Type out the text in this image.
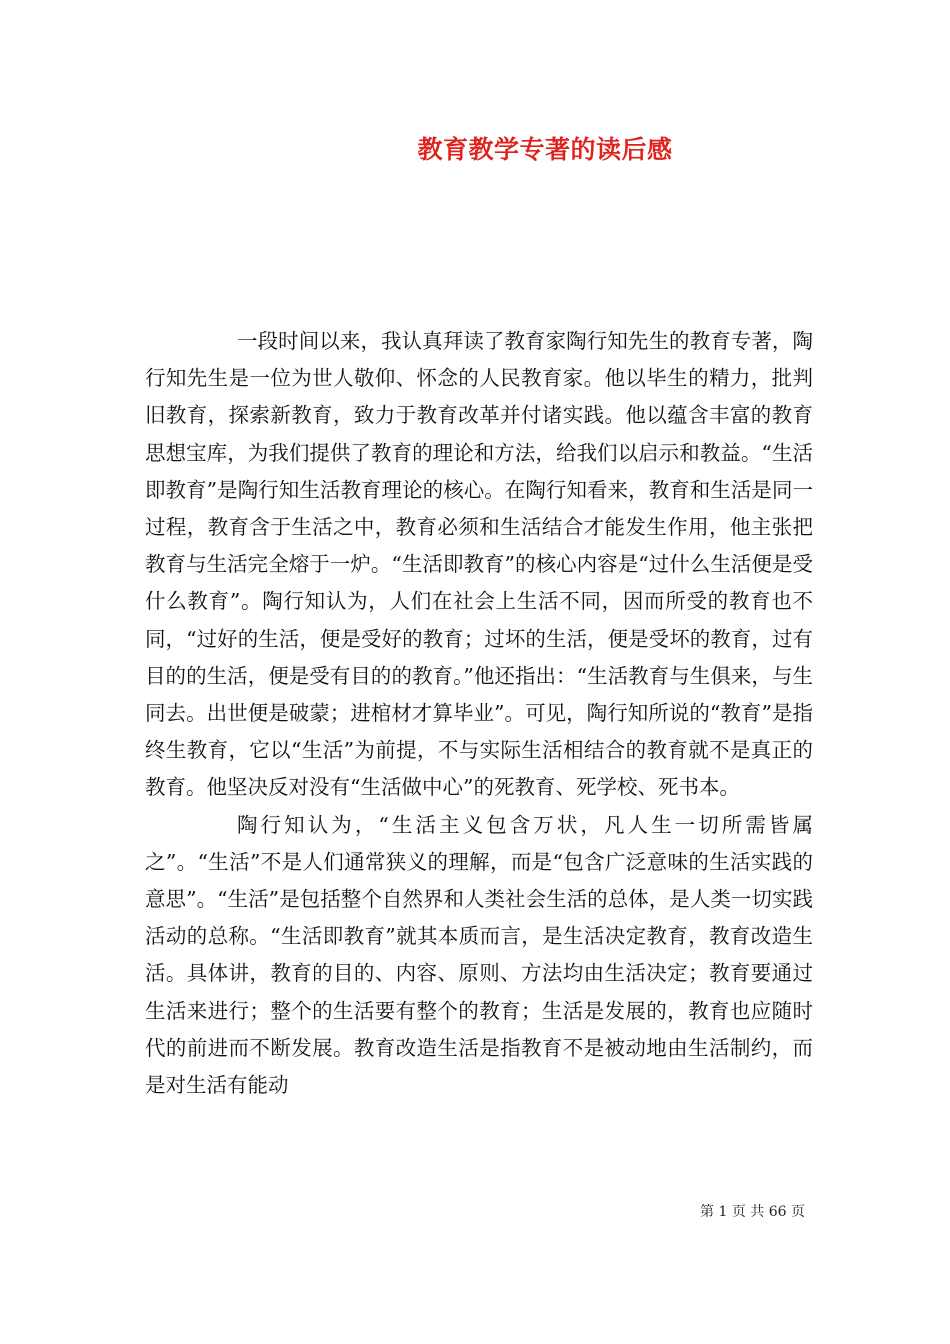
教育教学专著的读后感

一段时间以来，我认真拜读了教育家陶行知先生的教育专著，陶行知先生是一位为世人敬仰、怀念的人民教育家。他以毕生的精力，批判旧教育，探索新教育，致力于教育改革并付诸实践。他以蕴含丰富的教育思想宝库，为我们提供了教育的理论和方法，给我们以启示和教益。“生活即教育”是陶行知生活教育理论的核心。在陶行知看来，教育和生活是同一过程，教育含于生活之中，教育必须和生活结合才能发生作用，他主张把教育与生活完全熔于一炉。“生活即教育”的核心内容是“过什么生活便是受什么教育”。陶行知认为，人们在社会上生活不同，因而所受的教育也不同，“过好的生活，便是受好的教育；过坏的生活，便是受坏的教育，过有目的的生活，便是受有目的的教育。”他还指出：“生活教育与生俱来，与生同去。出世便是破蒙；进棺材才算毕业”。可见，陶行知所说的“教育”是指终生教育，它以“生活”为前提，不与实际生活相结合的教育就不是真正的教育。他坚决反对没有“生活做中心”的死教育、死学校、死书本。

陶行知认为，“生活主义包含万状，凡人生一切所需皆属之”。“生活”不是人们通常狭义的理解，而是“包含广泛意味的生活实践的意思”。“生活”是包括整个自然界和人类社会生活的总体，是人类一切实践活动的总称。“生活即教育”就其本质而言，是生活决定教育，教育改造生活。具体讲，教育的目的、内容、原则、方法均由生活决定；教育要通过生活来进行；整个的生活要有整个的教育；生活是发展的，教育也应随时代的前进而不断发展。教育改造生活是指教育不是被动地由生活制约，而是对生活有能动

第 1 页 共 66 页
